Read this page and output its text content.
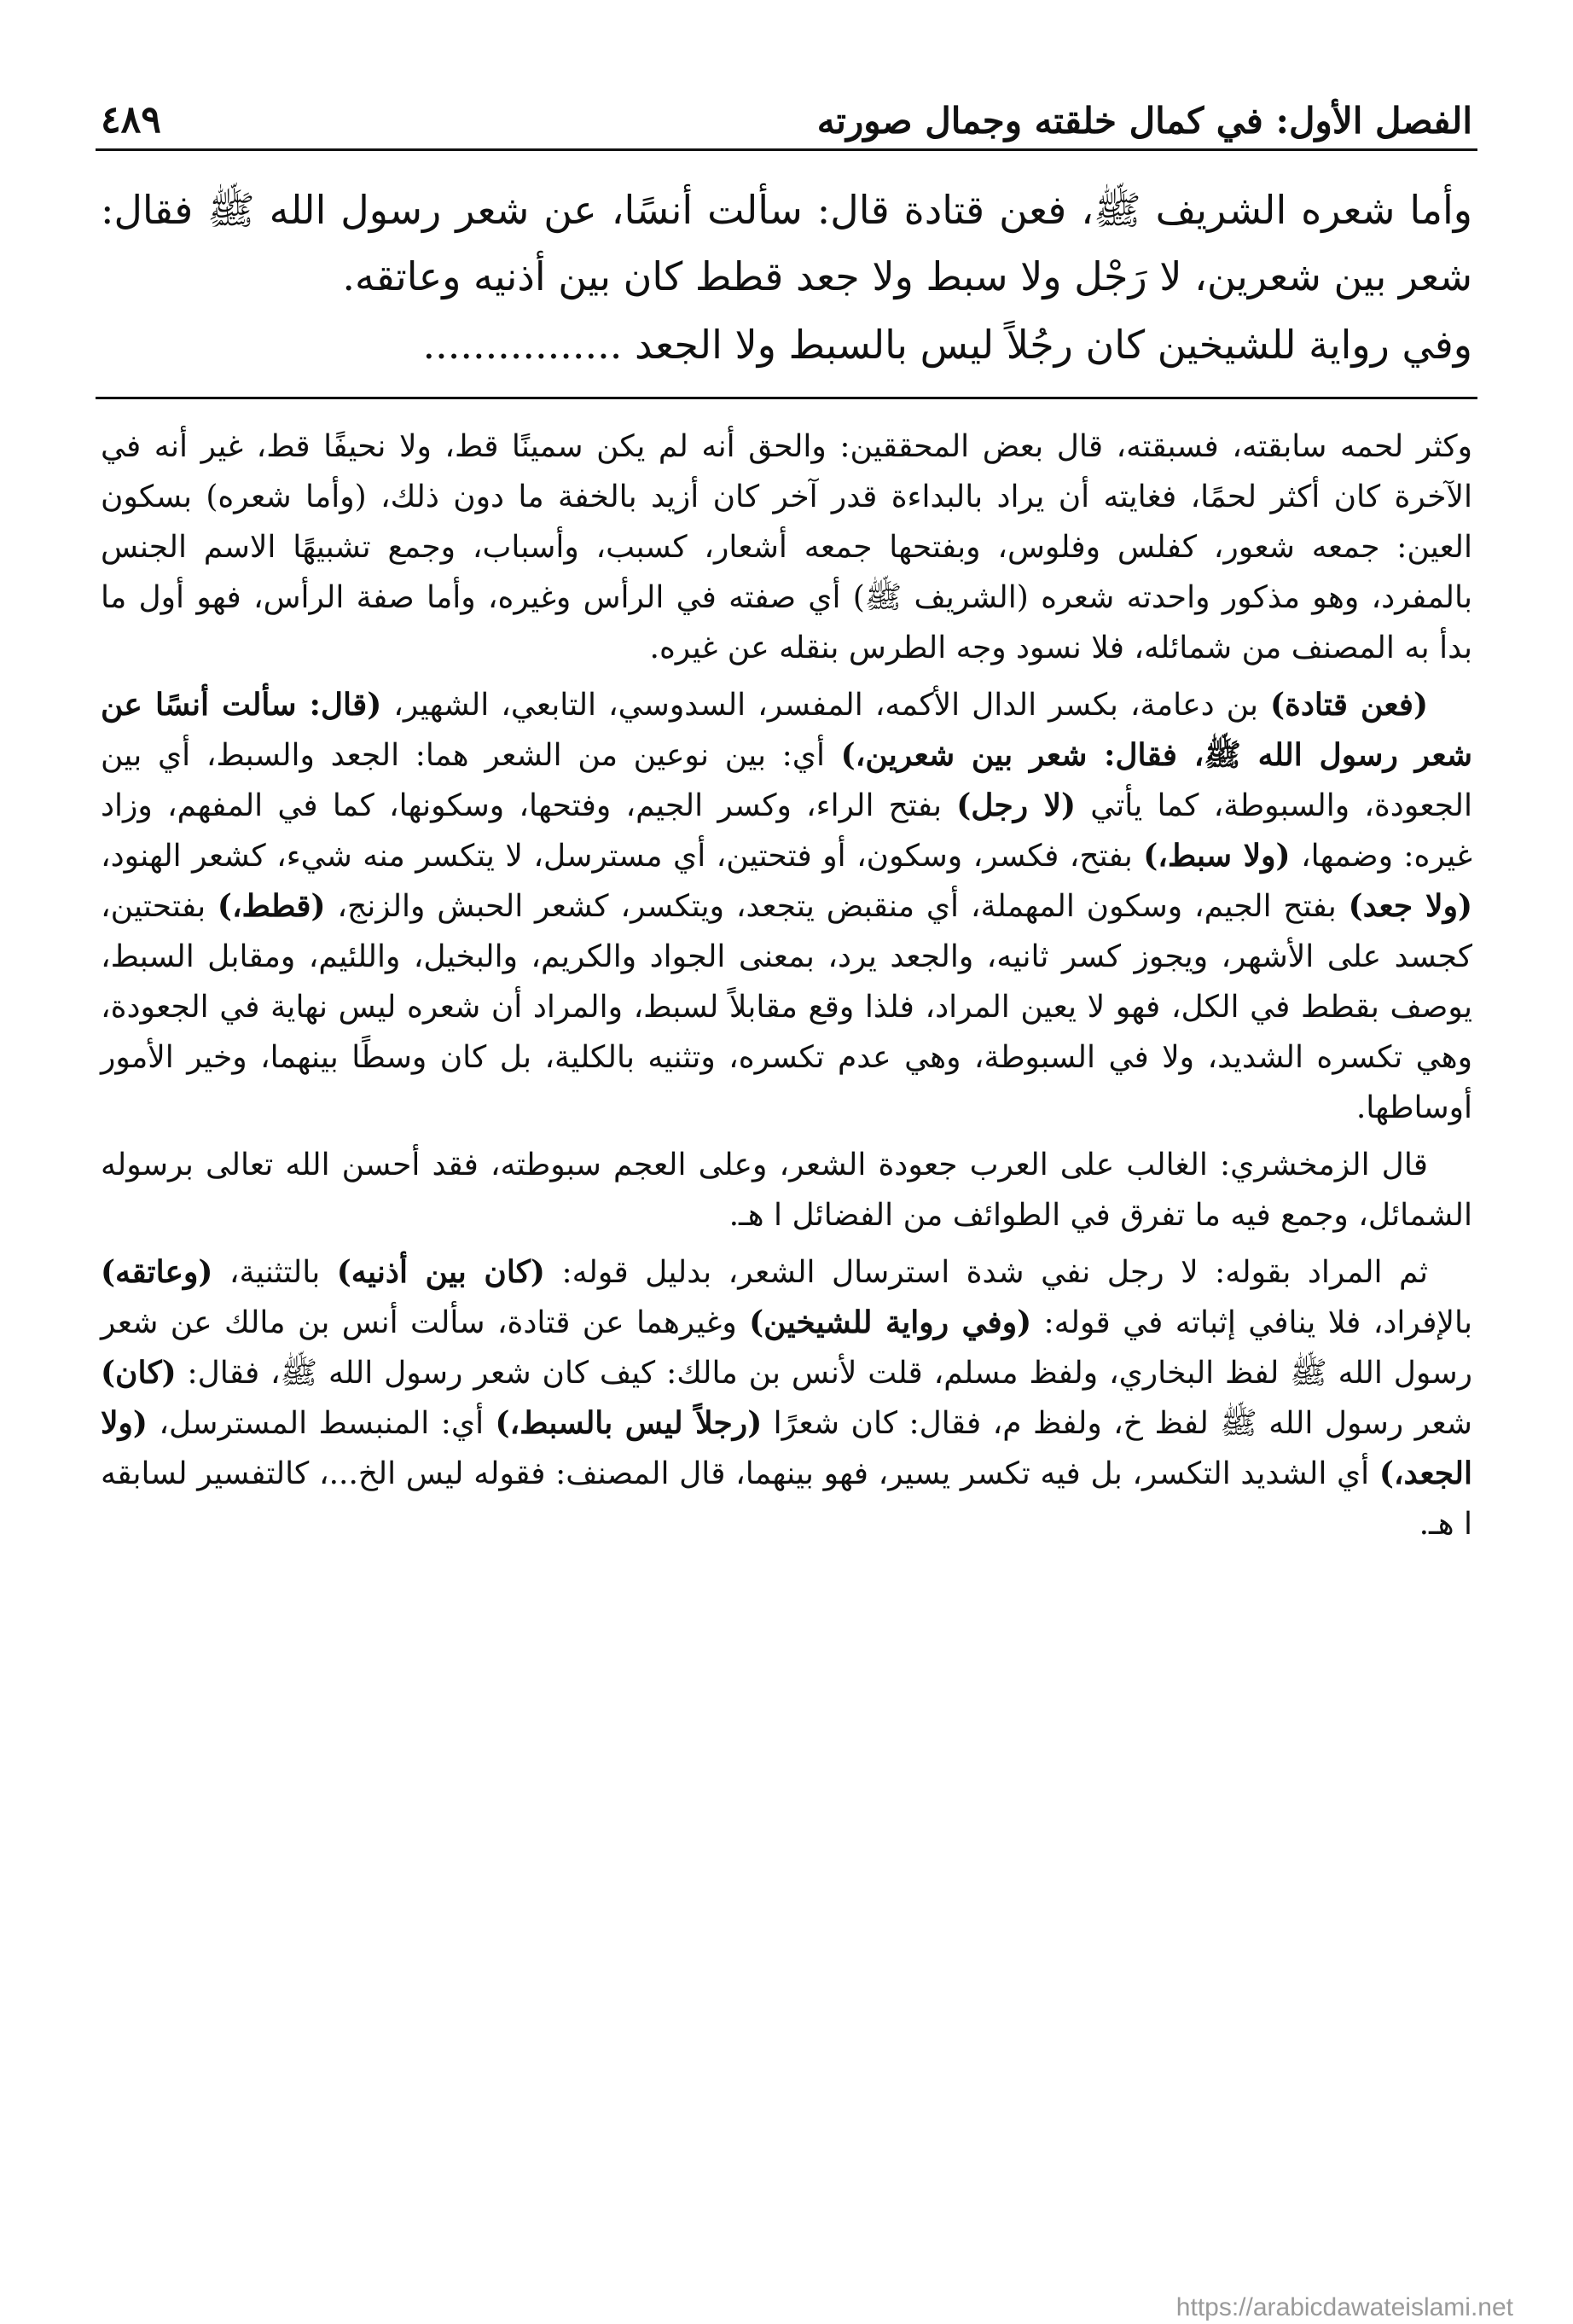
الفصل الأول: في كمال خلقته وجمال صورته
٤٨٩

وأما شعره الشريف ﷺ، فعن قتادة قال: سألت أنسًا، عن شعر رسول الله ﷺ فقال: شعر بين شعرين، لا رَجْل ولا سبط ولا جعد قطط كان بين أذنيه وعاتقه.

وفي رواية للشيخين كان رجُلاً ليس بالسبط ولا الجعد ................

وكثر لحمه سابقته، فسبقته، قال بعض المحققين: والحق أنه لم يكن سمينًا قط، ولا نحيفًا قط، غير أنه في الآخرة كان أكثر لحمًا، فغايته أن يراد بالبداءة قدر آخر كان أزيد بالخفة ما دون ذلك، (وأما شعره) بسكون العين: جمعه شعور، كفلس وفلوس، وبفتحها جمعه أشعار، كسبب، وأسباب، وجمع تشبيهًا الاسم الجنس بالمفرد، وهو مذكور واحدته شعره (الشريف ﷺ) أي صفته في الرأس وغيره، وأما صفة الرأس، فهو أول ما بدأ به المصنف من شمائله، فلا نسود وجه الطرس بنقله عن غيره.

(فعن قتادة) بن دعامة، بكسر الدال الأكمه، المفسر، السدوسي، التابعي، الشهير، (قال: سألت أنسًا عن شعر رسول الله ﷺ، فقال: شعر بين شعرين،) أي: بين نوعين من الشعر هما: الجعد والسبط، أي بين الجعودة، والسبوطة، كما يأتي (لا رجل) بفتح الراء، وكسر الجيم، وفتحها، وسكونها، كما في المفهم، وزاد غيره: وضمها، (ولا سبط،) بفتح، فكسر، وسكون، أو فتحتين، أي مسترسل، لا يتكسر منه شيء، كشعر الهنود، (ولا جعد) بفتح الجيم، وسكون المهملة، أي منقبض يتجعد، ويتكسر، كشعر الحبش والزنج، (قطط،) بفتحتين، كجسد على الأشهر، ويجوز كسر ثانيه، والجعد يرد، بمعنى الجواد والكريم، والبخيل، واللئيم، ومقابل السبط، يوصف بقطط في الكل، فهو لا يعين المراد، فلذا وقع مقابلاً لسبط، والمراد أن شعره ليس نهاية في الجعودة، وهي تكسره الشديد، ولا في السبوطة، وهي عدم تكسره، وتثنيه بالكلية، بل كان وسطًا بينهما، وخير الأمور أوساطها.

قال الزمخشري: الغالب على العرب جعودة الشعر، وعلى العجم سبوطته، فقد أحسن الله تعالى برسوله الشمائل، وجمع فيه ما تفرق في الطوائف من الفضائل ا هـ.

ثم المراد بقوله: لا رجل نفي شدة استرسال الشعر، بدليل قوله: (كان بين أذنيه) بالتثنية، (وعاتقه) بالإفراد، فلا ينافي إثباته في قوله: (وفي رواية للشيخين) وغيرهما عن قتادة، سألت أنس بن مالك عن شعر رسول الله ﷺ لفظ البخاري، ولفظ مسلم، قلت لأنس بن مالك: كيف كان شعر رسول الله ﷺ، فقال: (كان) شعر رسول الله ﷺ لفظ خ، ولفظ م، فقال: كان شعرًا (رجلاً ليس بالسبط،) أي: المنبسط المسترسل، (ولا الجعد،) أي الشديد التكسر، بل فيه تكسر يسير، فهو بينهما، قال المصنف: فقوله ليس الخ...، كالتفسير لسابقه ا هـ.

https://arabicdawateislami.net
